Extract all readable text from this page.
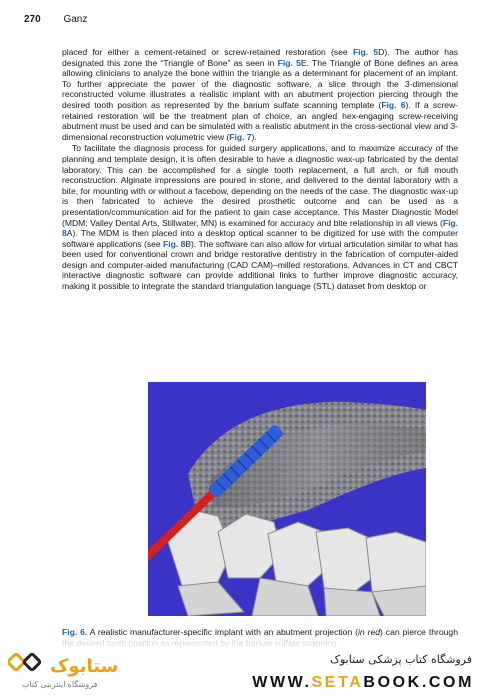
270 Ganz

placed for either a cement-retained or screw-retained restoration (see Fig. 5D). The author has designated this zone the “Triangle of Bone” as seen in Fig. 5E. The Triangle of Bone defines an area allowing clinicians to analyze the bone within the triangle as a determinant for placement of an implant. To further appreciate the power of the diagnostic software, a slice through the 3-dimensional reconstructed volume illustrates a realistic implant with an abutment projection piercing through the desired tooth position as represented by the barium sulfate scanning template (Fig. 6). If a screw-retained restoration will be the treatment plan of choice, an angled hex-engaging screw-receiving abutment must be used and can be simulated with a realistic abutment in the cross-sectional view and 3-dimensional reconstruction volumetric view (Fig. 7).

To facilitate the diagnosis process for guided surgery applications, and to maximize accuracy of the planning and template design, it is often desirable to have a diagnostic wax-up fabricated by the dental laboratory. This can be accomplished for a single tooth replacement, a full arch, or full mouth reconstruction. Alginate impressions are poured in stone, and delivered to the dental laboratory with a bite, for mounting with or without a facebow, depending on the needs of the case. The diagnostic wax-up is then fabricated to achieve the desired prosthetic outcome and can be used as a presentation/communication aid for the patient to gain case acceptance. This Master Diagnostic Model (MDM; Valley Dental Arts, Stillwater, MN) is examined for accuracy and bite relationship in all views (Fig. 8A). The MDM is then placed into a desktop optical scanner to be digitized for use with the computer software applications (see Fig. 8B). The software can also allow for virtual articulation similar to what has been used for conventional crown and bridge restorative dentistry in the fabrication of computer-aided design and computer-aided manufacturing (CAD CAM)–milled restorations. Advances in CT and CBCT interactive diagnostic software can provide additional links to further improve diagnostic accuracy, making it possible to integrate the standard triangulation language (STL) dataset from desktop or

Fig. 6. A realistic manufacturer-specific implant with an abutment projection (in red) can pierce through
ستابوک
فروشگاه اینترنتی کتاب
فروشگاه کتاب پزشکی ستابوک
WWW.SETABOOK.COM
